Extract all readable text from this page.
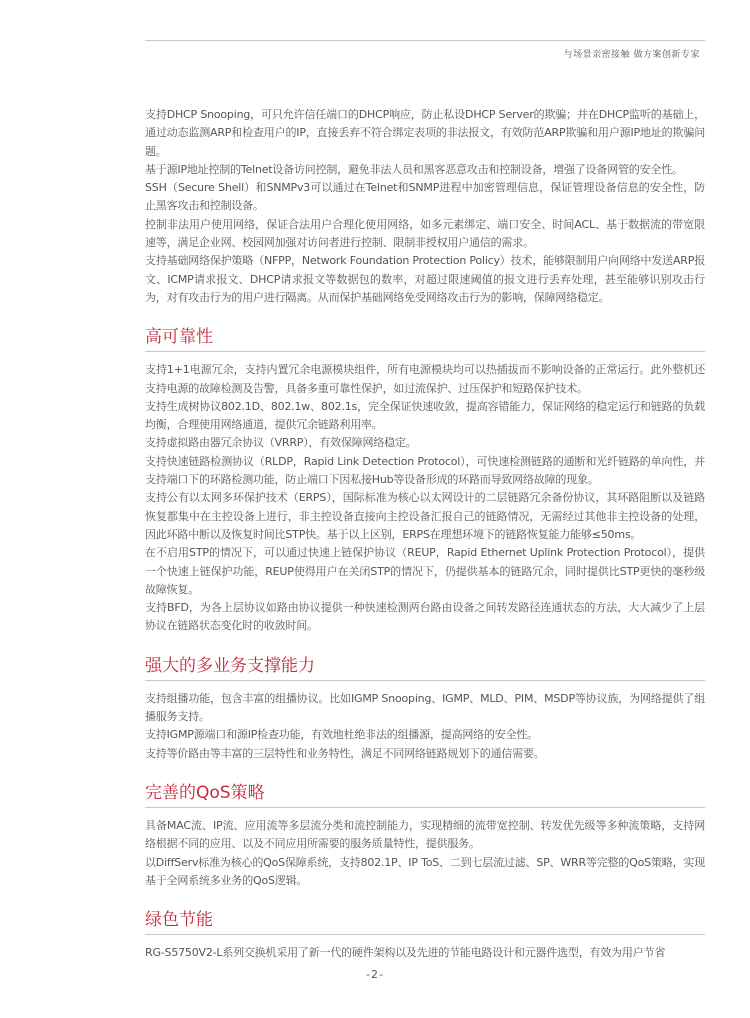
与场景亲密接触 做方案创新专家

支持DHCP Snooping，可只允许信任端口的DHCP响应，防止私设DHCP Server的欺骗；并在DHCP监听的基础上，通过动态监测ARP和检查用户的IP，直接丢弃不符合绑定表项的非法报文，有效防范ARP欺骗和用户源IP地址的欺骗问题。

基于源IP地址控制的Telnet设备访问控制，避免非法人员和黑客恶意攻击和控制设备，增强了设备网管的安全性。

SSH（Secure Shell）和SNMPv3可以通过在Telnet和SNMP进程中加密管理信息，保证管理设备信息的安全性，防止黑客攻击和控制设备。

控制非法用户使用网络，保证合法用户合理化使用网络，如多元素绑定、端口安全、时间ACL、基于数据流的带宽限速等，满足企业网、校园网加强对访问者进行控制、限制非授权用户通信的需求。

支持基础网络保护策略（NFPP，Network Foundation Protection Policy）技术，能够限制用户向网络中发送ARP报文、ICMP请求报文、DHCP请求报文等数据包的数率，对超过限速阈值的报文进行丢弃处理，甚至能够识别攻击行为，对有攻击行为的用户进行隔离。从而保护基础网络免受网络攻击行为的影响，保障网络稳定。

高可靠性

支持1+1电源冗余，支持内置冗余电源模块组件，所有电源模块均可以热插拔而不影响设备的正常运行。此外整机还支持电源的故障检测及告警，具备多重可靠性保护，如过流保护、过压保护和短路保护技术。

支持生成树协议802.1D、802.1w、802.1s，完全保证快速收敛，提高容错能力，保证网络的稳定运行和链路的负载均衡，合理使用网络通道，提供冗余链路利用率。

支持虚拟路由器冗余协议（VRRP），有效保障网络稳定。

支持快速链路检测协议（RLDP，Rapid Link Detection Protocol），可快速检测链路的通断和光纤链路的单向性，并支持端口下的环路检测功能，防止端口下因私接Hub等设备形成的环路而导致网络故障的现象。

支持公有以太网多环保护技术（ERPS），国际标准为核心以太网设计的二层链路冗余备份协议，其环路阻断以及链路恢复都集中在主控设备上进行，非主控设备直接向主控设备汇报自己的链路情况，无需经过其他非主控设备的处理，因此环路中断以及恢复时间比STP快。基于以上区别，ERPS在理想环境下的链路恢复能力能够≤50ms。

在不启用STP的情况下，可以通过快速上链保护协议（REUP，Rapid Ethernet Uplink Protection Protocol），提供一个快速上链保护功能，REUP使得用户在关闭STP的情况下，仍提供基本的链路冗余，同时提供比STP更快的毫秒级故障恢复。

支持BFD，为各上层协议如路由协议提供一种快速检测两台路由设备之间转发路径连通状态的方法，大大减少了上层协议在链路状态变化时的收敛时间。

强大的多业务支撑能力

支持组播功能，包含丰富的组播协议。比如IGMP Snooping、IGMP、MLD、PIM、MSDP等协议族，为网络提供了组播服务支持。

支持IGMP源端口和源IP检查功能，有效地杜绝非法的组播源，提高网络的安全性。

支持等价路由等丰富的三层特性和业务特性，满足不同网络链路规划下的通信需要。

完善的QoS策略

具备MAC流、IP流、应用流等多层流分类和流控制能力，实现精细的流带宽控制、转发优先级等多种流策略，支持网络根据不同的应用、以及不同应用所需要的服务质量特性，提供服务。

以DiffServ标准为核心的QoS保障系统，支持802.1P、IP ToS、二到七层流过滤、SP、WRR等完整的QoS策略，实现基于全网系统多业务的QoS逻辑。

绿色节能

RG-S5750V2-L系列交换机采用了新一代的硬件架构以及先进的节能电路设计和元器件选型，有效为用户节省

-2-
